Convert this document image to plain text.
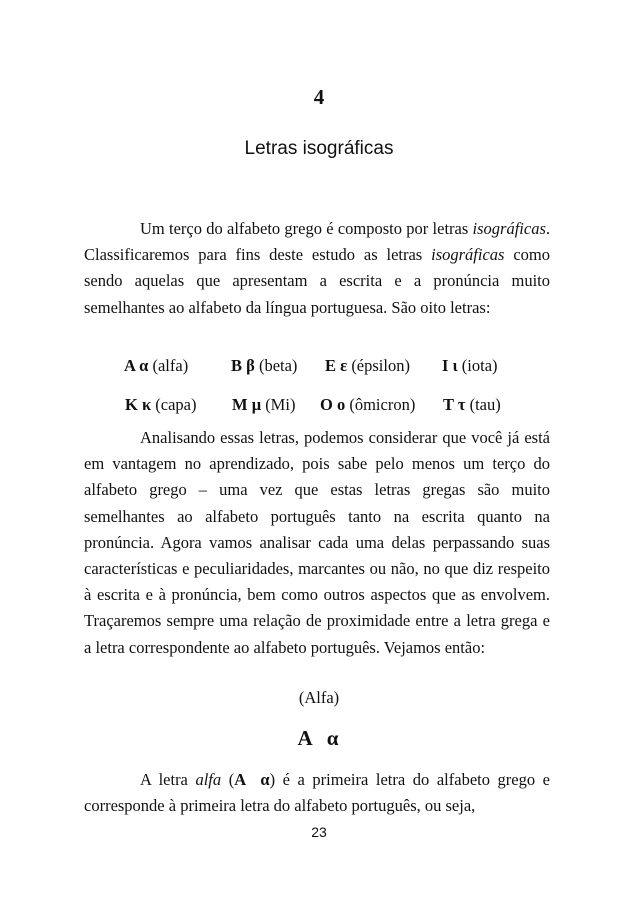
4
Letras isográficas

Um terço do alfabeto grego é composto por letras isográficas. Classificaremos para fins deste estudo as letras isográficas como sendo aquelas que apresentam a escrita e a pronúncia muito semelhantes ao alfabeto da língua portuguesa. São oito letras:

Α α (alfa)	Β β (beta) Ε ε (épsilon) Ι ι (iota)
Κ κ (capa) Μ μ (Mi) Ο ο (ômicron) Τ τ (tau)

Analisando essas letras, podemos considerar que você já está em vantagem no aprendizado, pois sabe pelo menos um terço do alfabeto grego – uma vez que estas letras gregas são muito semelhantes ao alfabeto português tanto na escrita quanto na pronúncia. Agora vamos analisar cada uma delas perpassando suas características e peculiaridades, marcantes ou não, no que diz respeito à escrita e à pronúncia, bem como outros aspectos que as envolvem. Traçaremos sempre uma relação de proximidade entre a letra grega e a letra correspondente ao alfabeto português. Vejamos então:

(Alfa)
Α α

A letra alfa (Α  α) é a primeira letra do alfabeto grego e corresponde à primeira letra do alfabeto português, ou seja,

23
